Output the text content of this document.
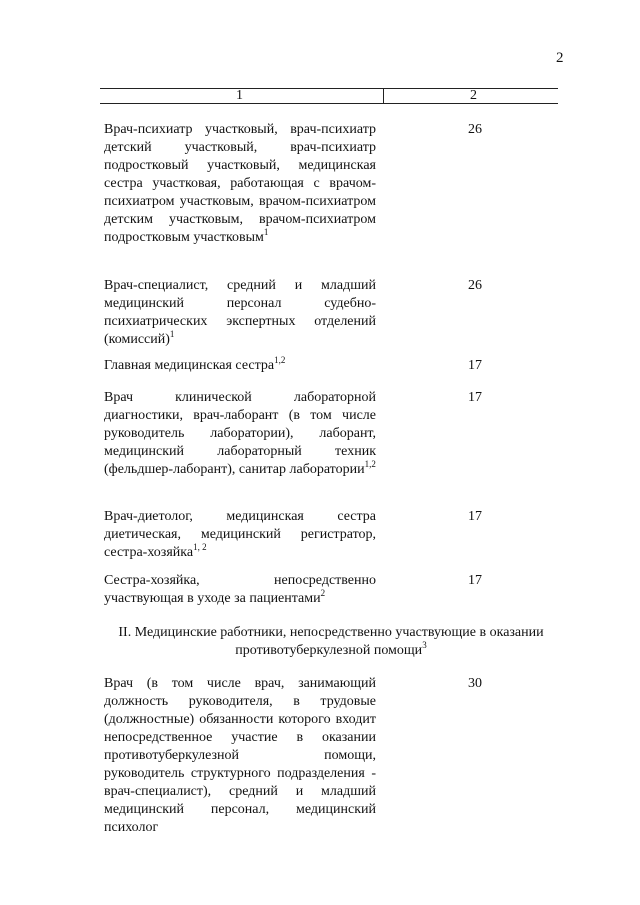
2
1	2
Врач-психиатр участковый, врач-психиатр детский участковый, врач-психиатр подростковый участковый, медицинская сестра участковая, работающая с врачом-психиатром участковым, врачом-психиатром детским участковым, врачом-психиатром подростковым участковым$^1$
26
Врач-специалист, средний и младший медицинский персонал судебно-психиатрических экспертных отделений (комиссий)$^1$
26
Главная медицинская сестра$^{1,2}$	17
Врач клинической лабораторной диагностики, врач-лаборант (в том числе руководитель лаборатории), лаборант, медицинский лабораторный техник (фельдшер-лаборант), санитар лаборатории$^{1,2}$
17
Врач-диетолог, медицинская сестра диетическая, медицинский регистратор, сестра-хозяйка$^{1, 2}$
17
Сестра-хозяйка, непосредственно участвующая в уходе за пациентами$^2$
17
II. Медицинские работники, непосредственно участвующие в оказании противотуберкулезной помощи$^3$
Врач (в том числе врач, занимающий должность руководителя, в трудовые (должностные) обязанности которого входит непосредственное участие в оказании противотуберкулезной помощи, руководитель структурного подразделения - врач-специалист), средний и младший медицинский персонал, медицинский психолог
30
